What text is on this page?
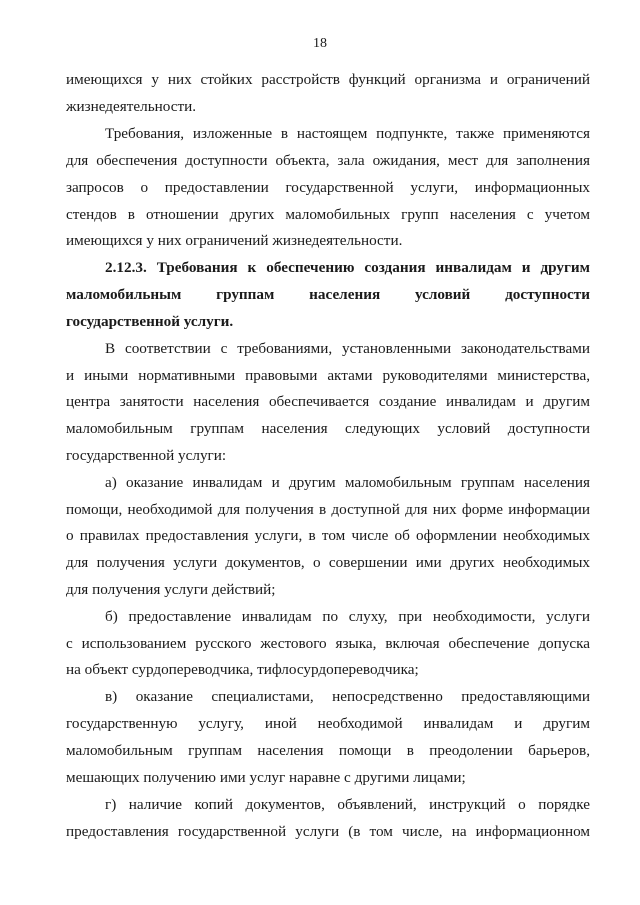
18
имеющихся у них стойких расстройств функций организма и ограничений
жизнедеятельности.
Требования, изложенные в настоящем подпункте, также применяются
для обеспечения доступности объекта, зала ожидания, мест для заполнения
запросов о предоставлении государственной услуги, информационных
стендов в отношении других маломобильных групп населения с учетом
имеющихся у них ограничений жизнедеятельности.
2.12.3. Требования к обеспечению создания инвалидам и другим
маломобильным группам населения условий доступности
государственной услуги.
В соответствии с требованиями, установленными законодательствами
и иными нормативными правовыми актами руководителями министерства,
центра занятости населения обеспечивается создание инвалидам и другим
маломобильным группам населения следующих условий доступности
государственной услуги:
а) оказание инвалидам и другим маломобильным группам населения
помощи, необходимой для получения в доступной для них форме информации
о правилах предоставления услуги, в том числе об оформлении необходимых
для получения услуги документов, о совершении ими других необходимых
для получения услуги действий;
б) предоставление инвалидам по слуху, при необходимости, услуги
с использованием русского жестового языка, включая обеспечение допуска
на объект сурдопереводчика, тифлосурдопереводчика;
в) оказание специалистами, непосредственно предоставляющими
государственную услугу, иной необходимой инвалидам и другим
маломобильным группам населения помощи в преодолении барьеров,
мешающих получению ими услуг наравне с другими лицами;
г) наличие копий документов, объявлений, инструкций о порядке
предоставления государственной услуги (в том числе, на информационном
